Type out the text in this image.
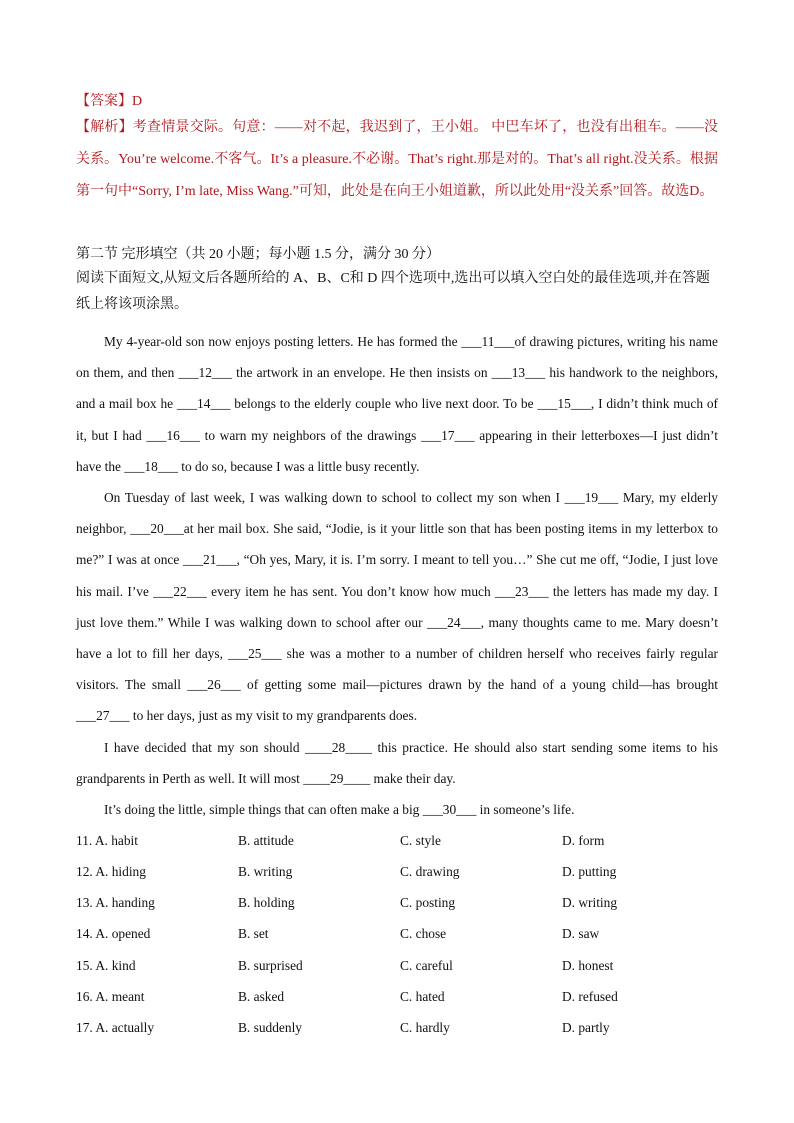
【答案】D

【解析】考查情景交际。句意：——对不起，我迟到了，王小姐。 中巴车坏了，也没有出租车。——没关系。You’re welcome.不客气。It’s a pleasure.不必谢。That’s right.那是对的。That’s all right.没关系。根据第一句中“Sorry, I’m late, Miss Wang.”可知，此处是在向王小姐道歉，所以此处用“没关系”回答。故选D。

第二节 完形填空（共 20 小题；每小题 1.5 分，满分 30 分）

阅读下面短文,从短文后各题所给的 A、B、C和 D 四个选项中,选出可以填入空白处的最佳选项,并在答题纸上将该项涂黑。

My 4-year-old son now enjoys posting letters. He has formed the ___11___of drawing pictures, writing his name on them, and then ___12___ the artwork in an envelope. He then insists on ___13___ his handwork to the neighbors, and a mail box he ___14___ belongs to the elderly couple who live next door. To be ___15___, I didn’t think much of it, but I had ___16___ to warn my neighbors of the drawings ___17___ appearing in their letterboxes—I just didn’t have the ___18___ to do so, because I was a little busy recently.

On Tuesday of last week, I was walking down to school to collect my son when I ___19___ Mary, my elderly neighbor, ___20___at her mail box. She said, “Jodie, is it your little son that has been posting items in my letterbox to me?” I was at once ___21___, “Oh yes, Mary, it is. I’m sorry. I meant to tell you…” She cut me off, “Jodie, I just love his mail. I’ve ___22___ every item he has sent. You don’t know how much ___23___ the letters has made my day. I just love them.” While I was walking down to school after our ___24___, many thoughts came to me. Mary doesn’t have a lot to fill her days, ___25___ she was a mother to a number of children herself who receives fairly regular visitors. The small ___26___ of getting some mail—pictures drawn by the hand of a young child—has brought ___27___ to her days, just as my visit to my grandparents does.

I have decided that my son should ____28____ this practice. He should also start sending some items to his grandparents in Perth as well. It will most ____29____ make their day.

It’s doing the little, simple things that can often make a big ___30___ in someone’s life.

11. A. habit	B. attitude	C. style	D. form
12. A. hiding	B. writing	C. drawing	D. putting
13. A. handing	B. holding	C. posting	D. writing
14. A. opened	B. set	C. chose	D. saw
15. A. kind	B. surprised	C. careful	D. honest
16. A. meant	B. asked	C. hated	D. refused
17. A. actually	B. suddenly	C. hardly	D. partly
